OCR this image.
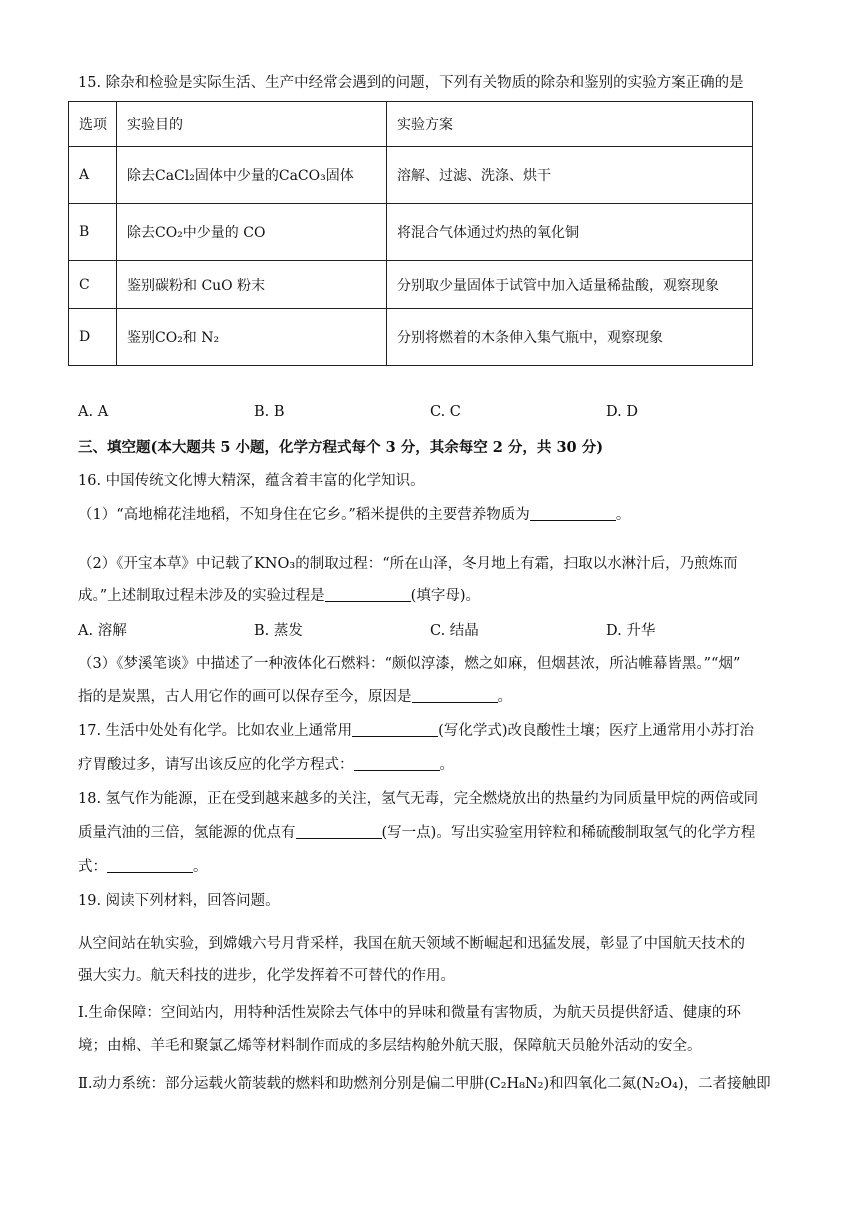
15. 除杂和检验是实际生活、生产中经常会遇到的问题，下列有关物质的除杂和鉴别的实验方案正确的是
选项	实验目的	实验方案
A	除去CaCl₂固体中少量的CaCO₃固体	溶解、过滤、洗涤、烘干
B	除去CO₂中少量的 CO	将混合气体通过灼热的氧化铜
C	鉴别碳粉和 CuO 粉末	分别取少量固体于试管中加入适量稀盐酸，观察现象
D	鉴别CO₂和 N₂	分别将燃着的木条伸入集气瓶中，观察现象
A. A	B. B	C. C	D. D
三、填空题(本大题共 5 小题，化学方程式每个 3 分，其余每空 2 分，共 30 分)
16. 中国传统文化博大精深，蕴含着丰富的化学知识。
（1）“高地棉花洼地稻，不知身住在它乡。”稻米提供的主要营养物质为	。
（2）《开宝本草》中记载了KNO₃的制取过程：“所在山泽，冬月地上有霜，扫取以水淋汁后，乃煎炼而
成。”上述制取过程未涉及的实验过程是	(填字母)。
A. 溶解	B. 蒸发	C. 结晶	D. 升华
（3）《梦溪笔谈》中描述了一种液体化石燃料：“颇似淳漆，燃之如麻，但烟甚浓，所沾帷幕皆黑。”“烟”
指的是炭黑，古人用它作的画可以保存至今，原因是	。
17. 生活中处处有化学。比如农业上通常用	(写化学式)改良酸性土壤；医疗上通常用小苏打治
疗胃酸过多，请写出该反应的化学方程式：	。
18. 氢气作为能源，正在受到越来越多的关注，氢气无毒，完全燃烧放出的热量约为同质量甲烷的两倍或同
质量汽油的三倍，氢能源的优点有	(写一点)。写出实验室用锌粒和稀硫酸制取氢气的化学方程
式：	。
19. 阅读下列材料，回答问题。
从空间站在轨实验，到嫦娥六号月背采样，我国在航天领域不断崛起和迅猛发展，彰显了中国航天技术的
强大实力。航天科技的进步，化学发挥着不可替代的作用。
Ⅰ.生命保障：空间站内，用特种活性炭除去气体中的异味和微量有害物质，为航天员提供舒适、健康的环
境；由棉、羊毛和聚氯乙烯等材料制作而成的多层结构舱外航天服，保障航天员舱外活动的安全。
Ⅱ.动力系统：部分运载火箭装载的燃料和助燃剂分别是偏二甲肼(C₂H₈N₂)和四氧化二氮(N₂O₄)，二者接触即
